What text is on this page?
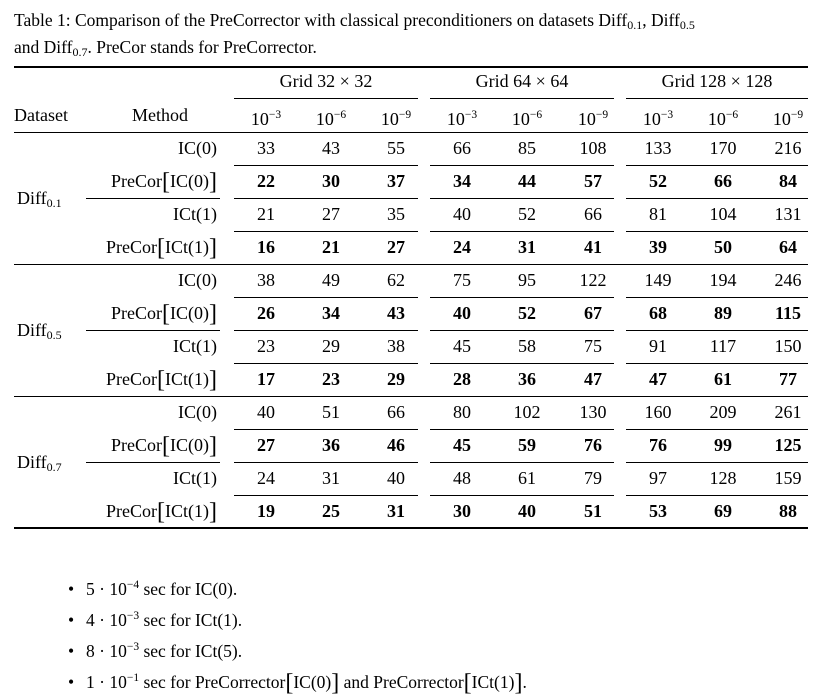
Table 1: Comparison of the PreCorrector with classical preconditioners on datasets Diff$_{0.1}$, Diff$_{0.5}$
and Diff$_{0.7}$. PreCor stands for PreCorrector.
Grid 32 × 32	Grid 64 × 64	Grid 128 × 128
Dataset	Method	$10^{-3}$	$10^{-6}$	$10^{-9}$	$10^{-3}$	$10^{-6}$	$10^{-9}$	$10^{-3}$	$10^{-6}$	$10^{-9}$
Diff$_{0.1}$
IC(0)	33	43	55	66	85	108	133	170	216
PreCor[IC(0)]	22	30	37	34	44	57	52	66	84
ICt(1)	21	27	35	40	52	66	81	104	131
PreCor[ICt(1)]	16	21	27	24	31	41	39	50	64
Diff$_{0.5}$
IC(0)	38	49	62	75	95	122	149	194	246
PreCor[IC(0)]	26	34	43	40	52	67	68	89	115
ICt(1)	23	29	38	45	58	75	91	117	150
PreCor[ICt(1)]	17	23	29	28	36	47	47	61	77
Diff$_{0.7}$
IC(0)	40	51	66	80	102	130	160	209	261
PreCor[IC(0)]	27	36	46	45	59	76	76	99	125
ICt(1)	24	31	40	48	61	79	97	128	159
PreCor[ICt(1)]	19	25	31	30	40	51	53	69	88
• $5 \cdot 10^{-4}$ sec for IC(0).
• $4 \cdot 10^{-3}$ sec for ICt(1).
• $8 \cdot 10^{-3}$ sec for ICt(5).
• $1 \cdot 10^{-1}$ sec for PreCorrector[IC(0)] and PreCorrector[ICt(1)].
